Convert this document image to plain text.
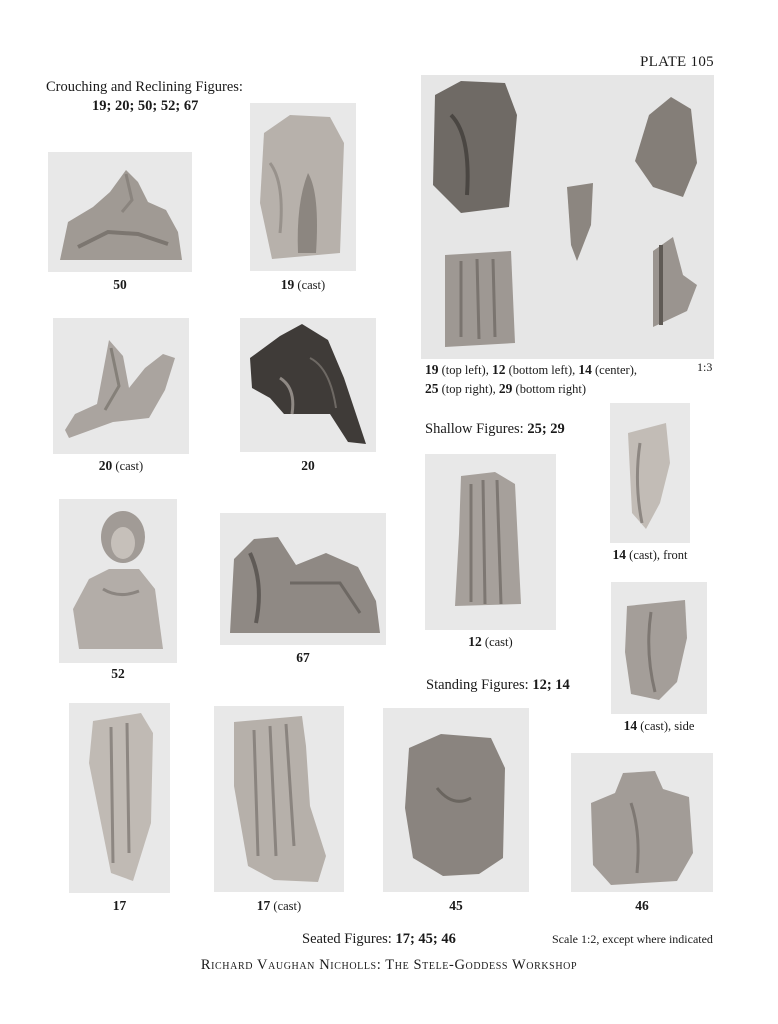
PLATE 105
Crouching and Reclining Figures:
19; 20; 50; 52; 67
50	19 (cast)
19 (top left), 12 (bottom left), 14 (center),
25 (top right), 29 (bottom right)
1:3
20 (cast)	20
Shallow Figures: 25; 29
14 (cast), front
12 (cast)
52
67
14 (cast), side
Standing Figures: 12; 14
17	17 (cast)	45	46
Seated Figures: 17; 45; 46	Scale 1:2, except where indicated
Richard Vaughan Nicholls: The Stele-Goddess Workshop
